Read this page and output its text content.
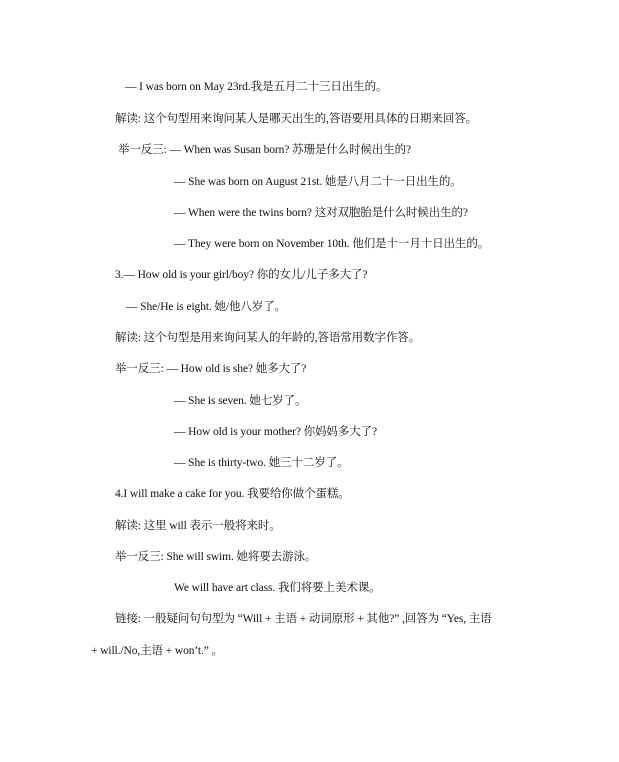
— I was born on May 23rd.我是五月二十三日出生的。
解读: 这个句型用来询问某人是哪天出生的,答语要用具体的日期来回答。
举一反三: — When was Susan born? 苏珊是什么时候出生的?
— She was born on August 21st. 她是八月二十一日出生的。
— When were the twins born? 这对双胞胎是什么时候出生的?
— They were born on November 10th. 他们是十一月十日出生的。
3.— How old is your girl/boy? 你的女儿/儿子多大了?
— She/He is eight. 她/他八岁了。
解读: 这个句型是用来询问某人的年龄的,答语常用数字作答。
举一反三: — How old is she? 她多大了?
— She is seven. 她七岁了。
— How old is your mother? 你妈妈多大了?
— She is thirty-two. 她三十二岁了。
4.I will make a cake for you. 我要给你做个蛋糕。
解读: 这里 will 表示一般将来时。
举一反三: She will swim. 她将要去游泳。
We will have art class. 我们将要上美术课。
链接: 一般疑问句句型为 “Will + 主语 + 动词原形 + 其他?” ,回答为 “Yes, 主语
+ will./No,主语 + won’t.” 。
